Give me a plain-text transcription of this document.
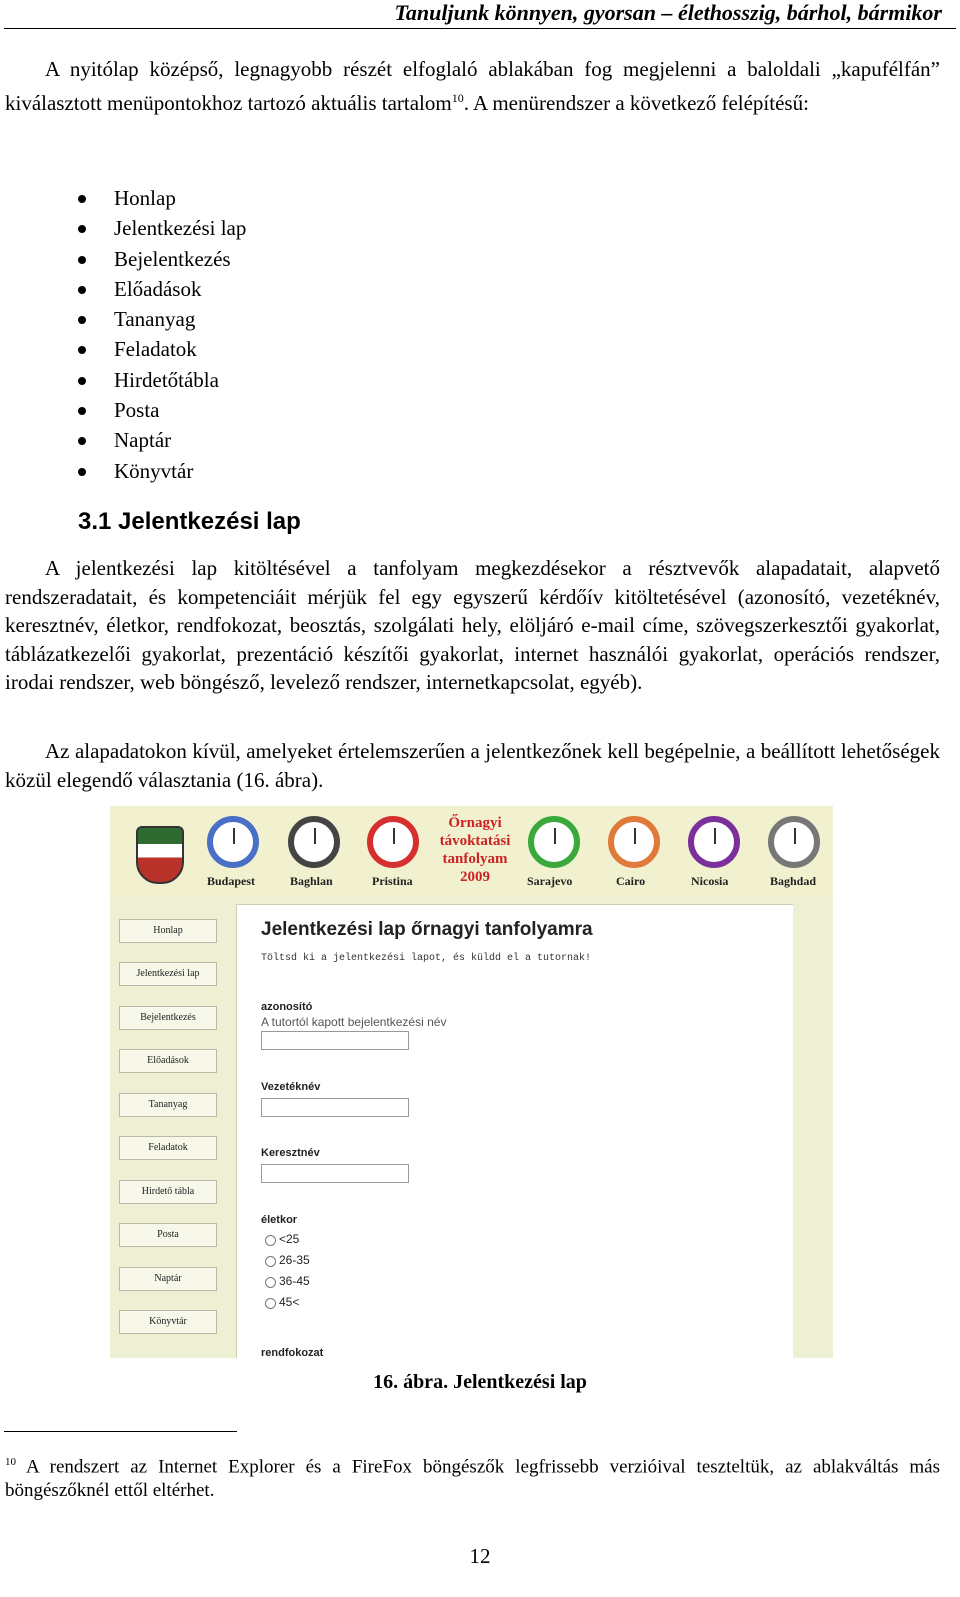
Tanuljunk könnyen, gyorsan – élethosszig, bárhol, bármikor
A nyitólap középső, legnagyobb részét elfoglaló ablakában fog megjelenni a baloldali „kapufélfán” kiválasztott menüpontokhoz tartozó aktuális tartalom$^{10}$. A menürendszer a következő felépítésű:
Honlap
Jelentkezési lap
Bejelentkezés
Előadások
Tananyag
Feladatok
Hirdetőtábla
Posta
Naptár
Könyvtár
3.1 Jelentkezési lap
A jelentkezési lap kitöltésével a tanfolyam megkezdésekor a résztvevők alapadatait, alapvető rendszeradatait, és kompetenciáit mérjük fel egy egyszerű kérdőív kitöltetésével (azonosító, vezetéknév, keresztnév, életkor, rendfokozat, beosztás, szolgálati hely, elöljáró e-mail címe, szövegszerkesztői gyakorlat, táblázatkezelői gyakorlat, prezentáció készítői gyakorlat, internet használói gyakorlat, operációs rendszer, irodai rendszer, web böngésző, levelező rendszer, internetkapcsolat, egyéb).
Az alapadatokon kívül, amelyeket értelemszerűen a jelentkezőnek kell begépelnie, a beállított lehetőségek közül elegendő választania (16. ábra).
Őrnagyi
távoktatási
tanfolyam
2009
Budapest	Baghlan	Pristina	Sarajevo	Cairo	Nicosia	Baghdad
Honlap
Jelentkezési lap
Bejelentkezés
Előadások
Tananyag
Feladatok
Hirdető tábla
Posta
Naptár
Könyvtár
Jelentkezési lap őrnagyi tanfolyamra
Töltsd ki a jelentkezési lapot, és küldd el a tutornak!
azonosító
A tutortól kapott bejelentkezési név
Vezetéknév
Keresztnév
életkor
<25
26-35
36-45
45<
rendfokozat
16. ábra. Jelentkezési lap
$^{10}$ A rendszert az Internet Explorer és a FireFox böngészők legfrissebb verzióival teszteltük, az ablakváltás más böngészőknél ettől eltérhet.
12
